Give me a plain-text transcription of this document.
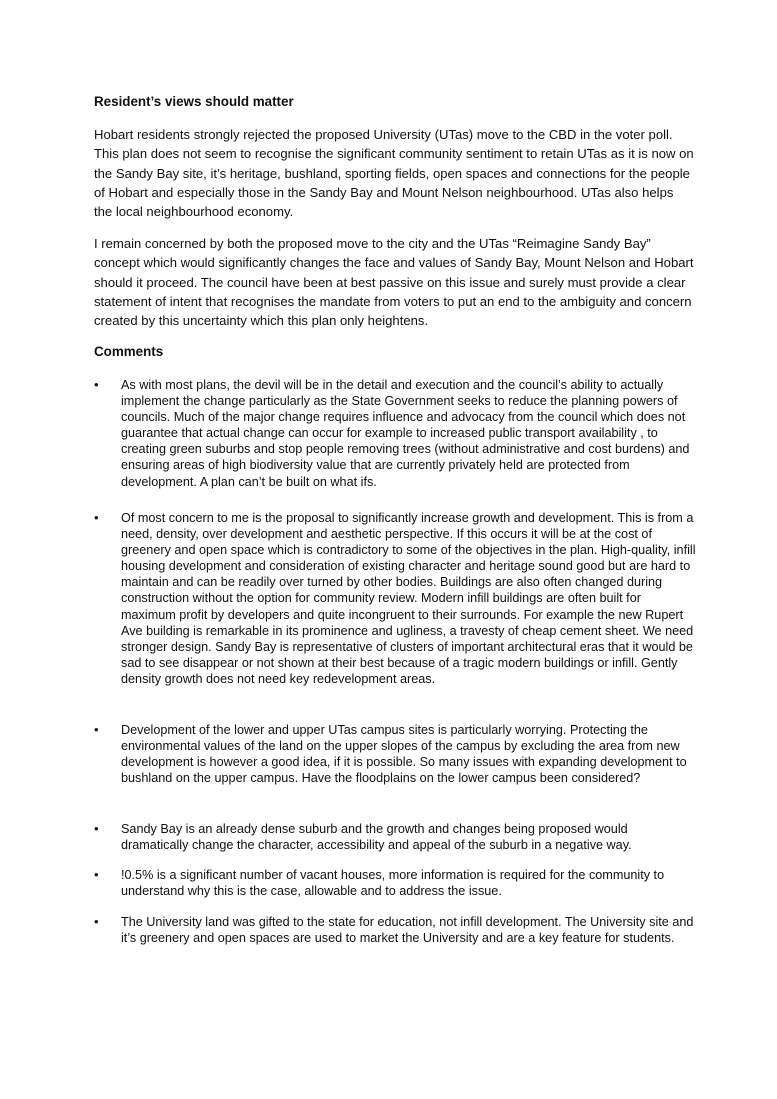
Resident’s views should matter

Hobart residents strongly rejected the proposed University (UTas) move to the CBD in the voter poll. This plan does not seem to recognise the significant community sentiment to retain UTas as it is now on the Sandy Bay site, it’s heritage, bushland, sporting fields, open spaces and connections for the people of Hobart and especially those in the Sandy Bay and Mount Nelson neighbourhood. UTas also helps the local neighbourhood economy.

I remain concerned by both the proposed move to the city and the UTas “Reimagine Sandy Bay” concept which would significantly changes the face and values of Sandy Bay, Mount Nelson and Hobart should it proceed. The council have been at best passive on this issue and surely must provide a clear statement of intent that recognises the mandate from voters to put an end to the ambiguity and concern created by this uncertainty which this plan only heightens.

Comments
•	As with most plans, the devil will be in the detail and execution and the council’s ability to actually implement the change particularly as the State Government seeks to reduce the planning powers of councils. Much of the major change requires influence and advocacy from the council which does not guarantee that actual change can occur for example to increased public transport availability , to creating green suburbs and stop people removing trees (without administrative and cost burdens) and ensuring areas of high biodiversity value that are currently privately held are protected from development. A plan can’t be built on what ifs.

•	Of most concern to me is the proposal to significantly increase growth and development. This is from a need, density, over development and aesthetic perspective. If this occurs it will be at the cost of greenery and open space which is contradictory to some of the objectives in the plan. High-quality, infill housing development and consideration of existing character and heritage sound good but are hard to maintain and can be readily over turned by other bodies. Buildings are also often changed during construction without the option for community review. Modern infill buildings are often built for maximum profit by developers and quite incongruent to their surrounds. For example the new Rupert Ave building is remarkable in its prominence and ugliness, a travesty of cheap cement sheet. We need stronger design. Sandy Bay is representative of clusters of important architectural eras that it would be sad to see disappear or not shown at their best because of a tragic modern buildings or infill. Gently density growth does not need key redevelopment areas.

•	Development of the lower and upper UTas campus sites is particularly worrying. Protecting the environmental values of the land on the upper slopes of the campus by excluding the area from new development is however a good idea, if it is possible. So many issues with expanding development to bushland on the upper campus. Have the floodplains on the lower campus been considered?

•	Sandy Bay is an already dense suburb and the growth and changes being proposed would dramatically change the character, accessibility and appeal of the suburb in a negative way.

•	!0.5% is a significant number of vacant houses, more information is required for the community to understand why this is the case, allowable and to address the issue.

•	The University land was gifted to the state for education, not infill development. The University site and it’s greenery and open spaces are used to market the University and are a key feature for students.
